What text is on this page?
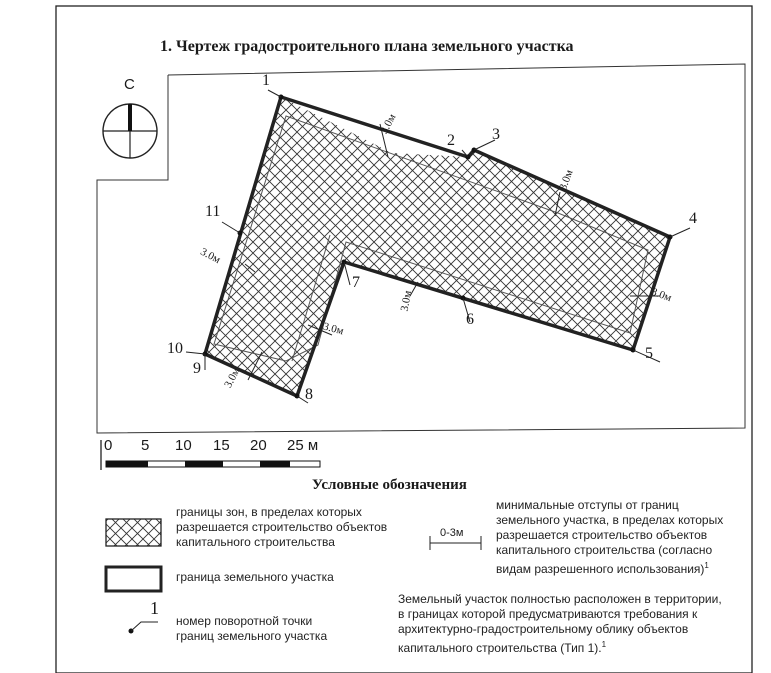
1. Чертеж градостроительного плана земельного участка
С	1
2 3
4
5
6
7
8
9
10
11
3.0м
3.0м
3.0м
3.0м
3.0м	3.0м
3.0м
0 5 10 15 20 25 м
Условные обозначения
границы зон, в пределах которых
разрешается строительство объектов
капитального строительства
граница земельного участка
1
номер поворотной точки
границ земельного участка
0-3м
минимальные отступы от границ
земельного участка, в пределах которых
разрешается строительство объектов
капитального строительства (согласно
видам разрешенного использования)$^1$
Земельный участок полностью расположен в территории,
в границах которой предусматриваются требования к
архитектурно-градостроительному облику объектов
капитального строительства (Тип 1).$^1$
